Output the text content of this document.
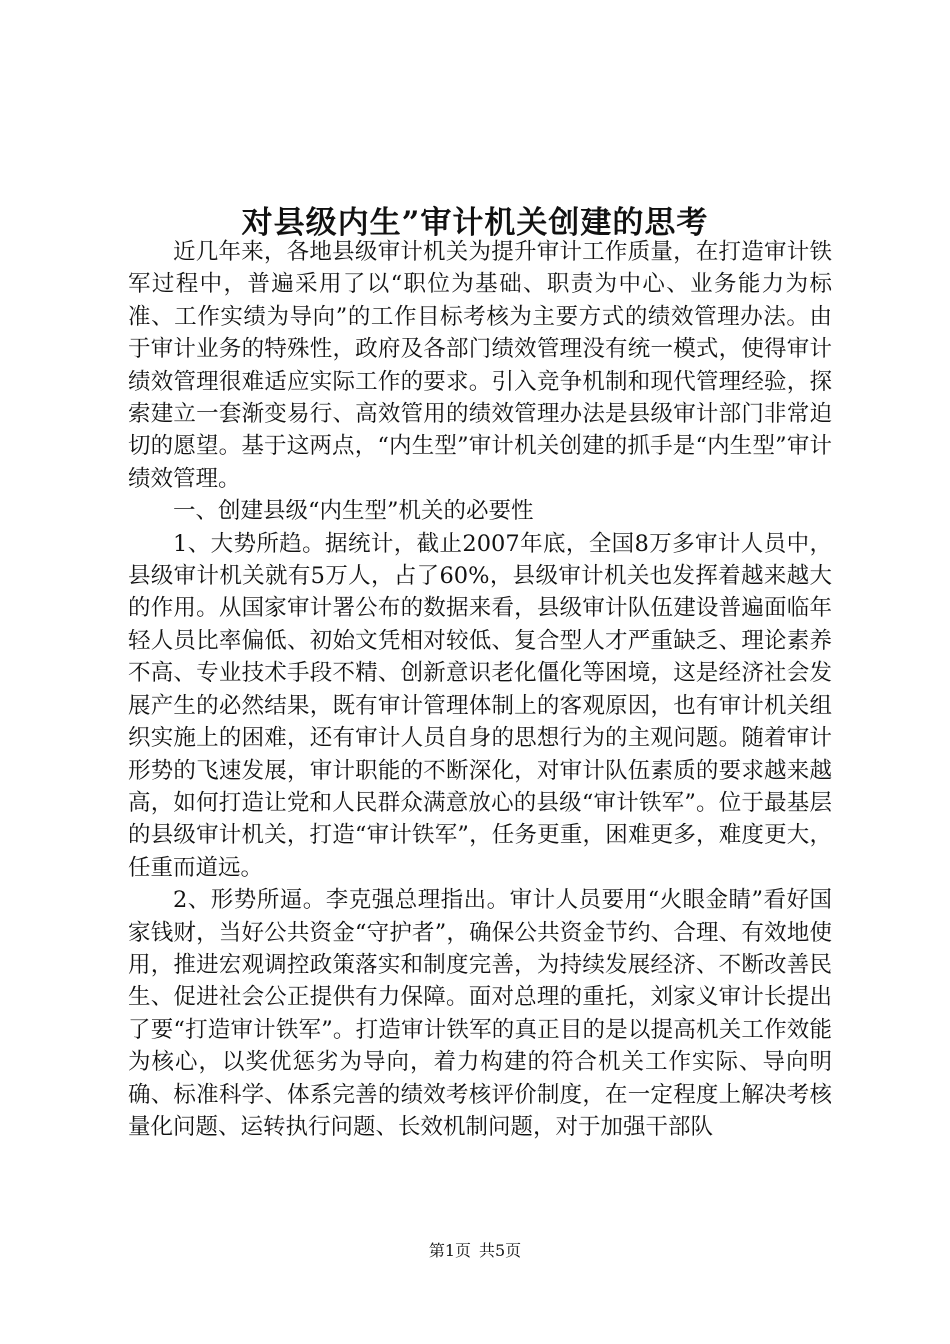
对县级内生”审计机关创建的思考

近几年来，各地县级审计机关为提升审计工作质量，在打造审计铁军过程中，普遍采用了以“职位为基础、职责为中心、业务能力为标准、工作实绩为导向”的工作目标考核为主要方式的绩效管理办法。由于审计业务的特殊性，政府及各部门绩效管理没有统一模式，使得审计绩效管理很难适应实际工作的要求。引入竞争机制和现代管理经验，探索建立一套渐变易行、高效管用的绩效管理办法是县级审计部门非常迫切的愿望。基于这两点，“内生型”审计机关创建的抓手是“内生型”审计绩效管理。

一、创建县级“内生型”机关的必要性

1、大势所趋。据统计，截止2007年底，全国8万多审计人员中，县级审计机关就有5万人，占了60%，县级审计机关也发挥着越来越大的作用。从国家审计署公布的数据来看，县级审计队伍建设普遍面临年轻人员比率偏低、初始文凭相对较低、复合型人才严重缺乏、理论素养不高、专业技术手段不精、创新意识老化僵化等困境，这是经济社会发展产生的必然结果，既有审计管理体制上的客观原因，也有审计机关组织实施上的困难，还有审计人员自身的思想行为的主观问题。随着审计形势的飞速发展，审计职能的不断深化，对审计队伍素质的要求越来越高，如何打造让党和人民群众满意放心的县级“审计铁军”。位于最基层的县级审计机关，打造“审计铁军”，任务更重，困难更多，难度更大，任重而道远。

2、形势所逼。李克强总理指出。审计人员要用“火眼金睛”看好国家钱财，当好公共资金“守护者”，确保公共资金节约、合理、有效地使用，推进宏观调控政策落实和制度完善，为持续发展经济、不断改善民生、促进社会公正提供有力保障。面对总理的重托，刘家义审计长提出了要“打造审计铁军”。打造审计铁军的真正目的是以提高机关工作效能为核心，以奖优惩劣为导向，着力构建的符合机关工作实际、导向明确、标准科学、体系完善的绩效考核评价制度，在一定程度上解决考核量化问题、运转执行问题、长效机制问题，对于加强干部队

第1页 共5页
